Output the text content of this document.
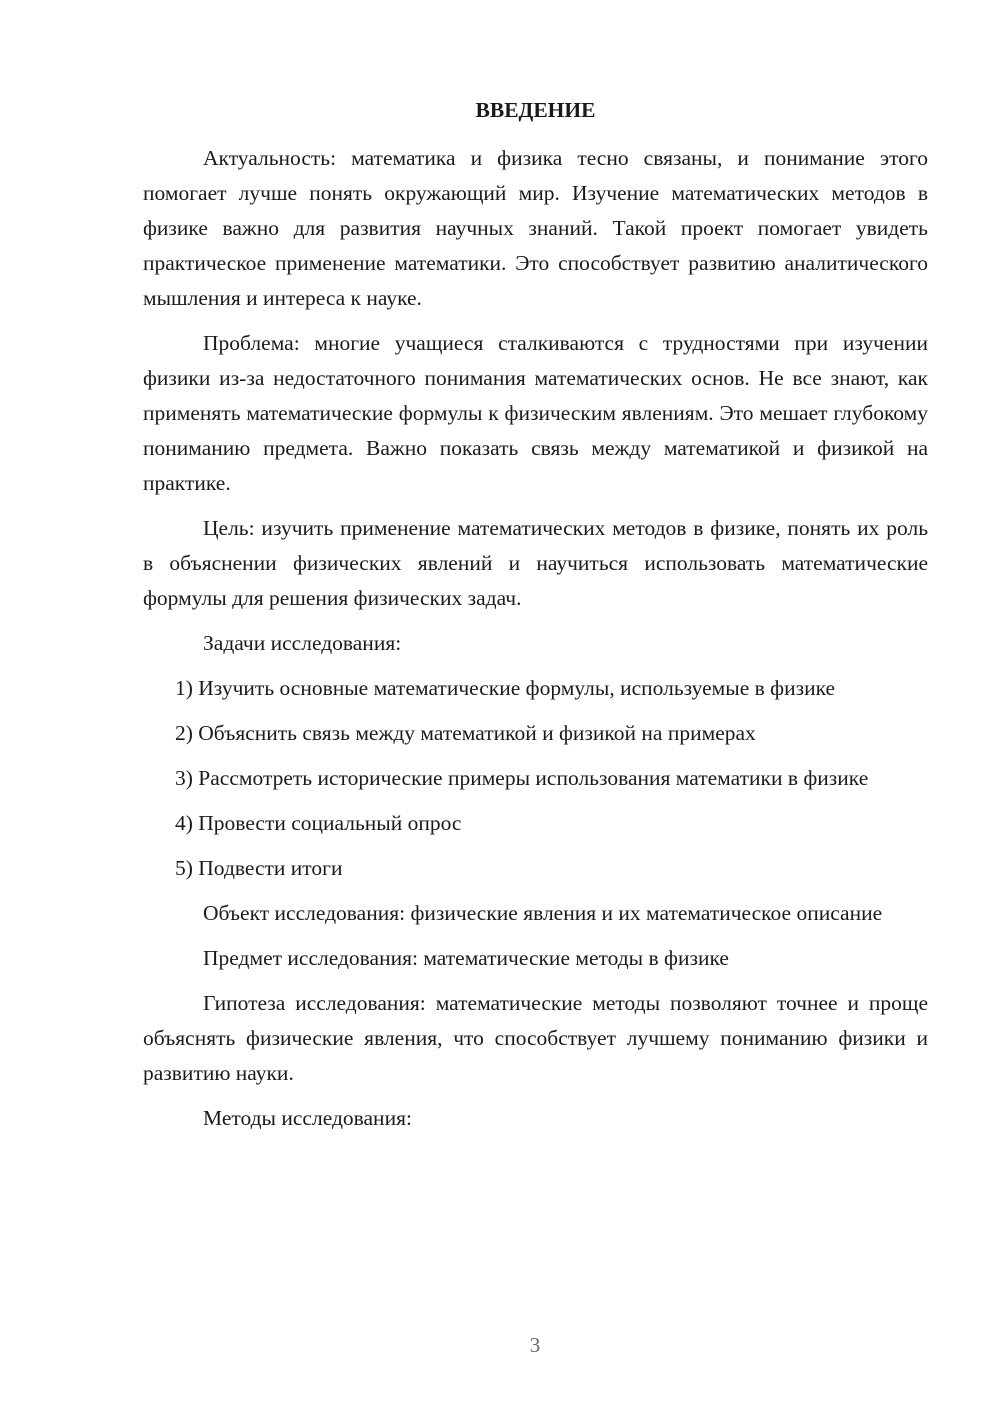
ВВЕДЕНИЕ

Актуальность: математика и физика тесно связаны, и понимание этого помогает лучше понять окружающий мир. Изучение математических методов в физике важно для развития научных знаний. Такой проект помогает увидеть практическое применение математики. Это способствует развитию аналитического мышления и интереса к науке.

Проблема: многие учащиеся сталкиваются с трудностями при изучении физики из-за недостаточного понимания математических основ. Не все знают, как применять математические формулы к физическим явлениям. Это мешает глубокому пониманию предмета. Важно показать связь между математикой и физикой на практике.

Цель: изучить применение математических методов в физике, понять их роль в объяснении физических явлений и научиться использовать математические формулы для решения физических задач.

Задачи исследования:

1) Изучить основные математические формулы, используемые в физике

2) Объяснить связь между математикой и физикой на примерах

3) Рассмотреть исторические примеры использования математики в физике

4) Провести социальный опрос

5) Подвести итоги

Объект исследования: физические явления и их математическое описание

Предмет исследования: математические методы в физике

Гипотеза исследования: математические методы позволяют точнее и проще объяснять физические явления, что способствует лучшему пониманию физики и развитию науки.

Методы исследования:

3
